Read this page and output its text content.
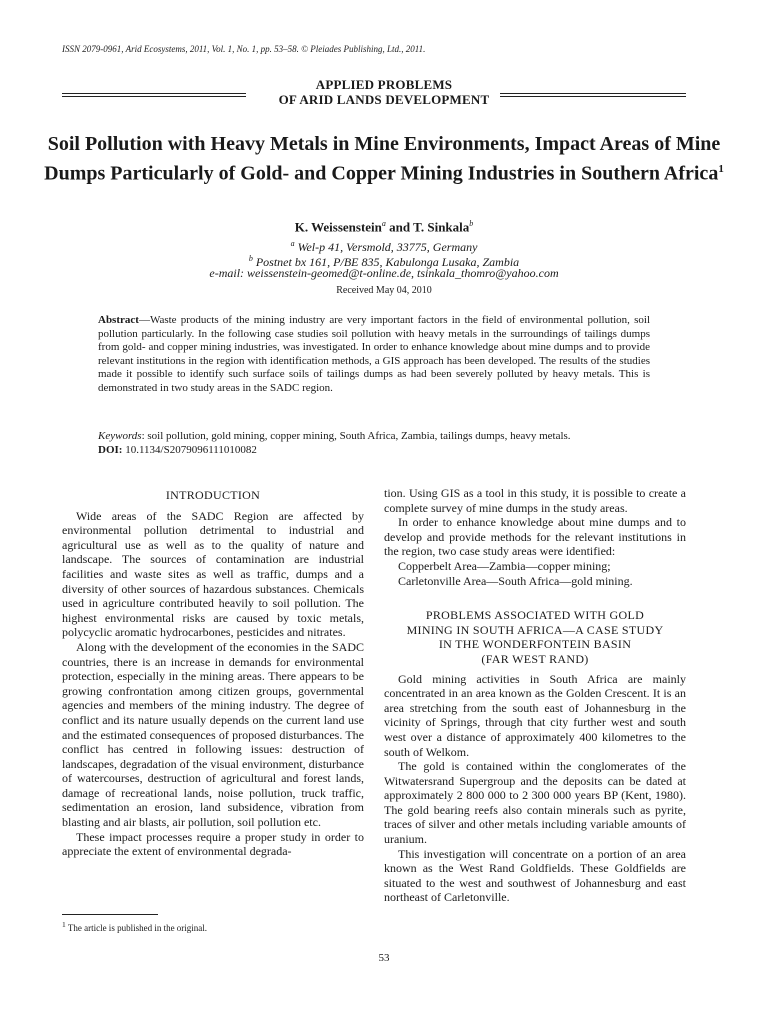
ISSN 2079-0961, Arid Ecosystems, 2011, Vol. 1, No. 1, pp. 53–58. © Pleiades Publishing, Ltd., 2011.
APPLIED PROBLEMS
OF ARID LANDS DEVELOPMENT
Soil Pollution with Heavy Metals in Mine Environments, Impact Areas of Mine Dumps Particularly of Gold- and Copper Mining Industries in Southern Africa$^1$
K. Weissenstein$^a$ and T. Sinkala$^b$
$^a$ Wel-p 41, Versmold, 33775, Germany
$^b$ Postnet bx 161, P/BE 835, Kabulonga Lusaka, Zambia
e-mail: weissenstein-geomed@t-online.de, tsinkala_thomro@yahoo.com
Received May 04, 2010
Abstract—Waste products of the mining industry are very important factors in the field of environmental pollution, soil pollution particularly. In the following case studies soil pollution with heavy metals in the surroundings of tailings dumps from gold- and copper mining industries, was investigated. In order to enhance knowledge about mine dumps and to provide relevant institutions in the region with identification methods, a GIS approach has been developed. The results of the studies made it possible to identify such surface soils of tailings dumps as had been severely polluted by heavy metals. This is demonstrated in two study areas in the SADC region.
Keywords: soil pollution, gold mining, copper mining, South Africa, Zambia, tailings dumps, heavy metals.
DOI: 10.1134/S2079096111010082
INTRODUCTION

Wide areas of the SADC Region are affected by environmental pollution detrimental to industrial and agricultural use as well as to the quality of nature and landscape. The sources of contamination are industrial facilities and waste sites as well as traffic, dumps and a diversity of other sources of hazardous substances. Chemicals used in agriculture contributed heavily to soil pollution. The highest environmental risks are caused by toxic metals, polycyclic aromatic hydrocarbones, pesticides and nitrates.

Along with the development of the economies in the SADC countries, there is an increase in demands for environmental protection, especially in the mining areas. There appears to be growing confrontation among citizen groups, governmental agencies and members of the mining industry. The degree of conflict and its nature usually depends on the current land use and the estimated consequences of proposed disturbances. The conflict has centred in following issues: destruction of landscapes, degradation of the visual environment, disturbance of watercourses, destruction of agricultural and forest lands, damage of recreational lands, noise pollution, truck traffic, sedimentation an erosion, land subsidence, vibration from blasting and air blasts, air pollution, soil pollution etc.

These impact processes require a proper study in order to appreciate the extent of environmental degrada-

$^1$ The article is published in the original.

tion. Using GIS as a tool in this study, it is possible to create a complete survey of mine dumps in the study areas.

In order to enhance knowledge about mine dumps and to develop and provide methods for the relevant institutions in the region, two case study areas were identified:

Copperbelt Area—Zambia—copper mining;

Carletonville Area—South Africa—gold mining.

PROBLEMS ASSOCIATED WITH GOLD
MINING IN SOUTH AFRICA—A CASE STUDY
IN THE WONDERFONTEIN BASIN
(FAR WEST RAND)

Gold mining activities in South Africa are mainly concentrated in an area known as the Golden Crescent. It is an area stretching from the south east of Johannesburg in the vicinity of Springs, through that city further west and south west over a distance of approximately 400 kilometres to the south of Welkom.

The gold is contained within the conglomerates of the Witwatersrand Supergroup and the deposits can be dated at approximately 2 800 000 to 2 300 000 years BP (Kent, 1980). The gold bearing reefs also contain minerals such as pyrite, traces of silver and other metals including variable amounts of uranium.

This investigation will concentrate on a portion of an area known as the West Rand Goldfields. These Goldfields are situated to the west and southwest of Johannesburg and east northeast of Carletonville.

53
